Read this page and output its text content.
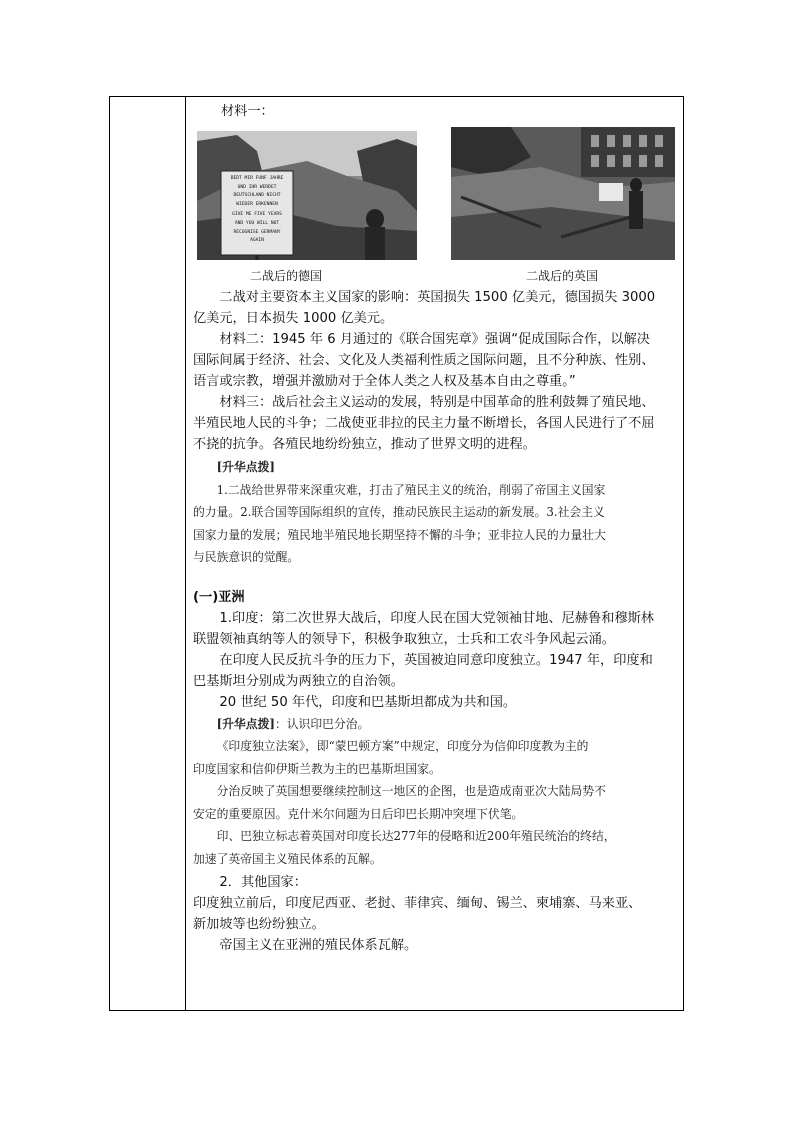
材料一：
BEDT MIR FUNF JAHRE
UND IHR WERDET
DEUTSCHLAND NICHT
WIEDER ERKENNEN
GIVE ME FIVE YEARS
AND YOU WILL NOT
RECOGNISE GERMANY
AGAIN
二战后的德国	二战后的英国

二战对主要资本主义国家的影响：英国损失 1500 亿美元，德国损失 3000

亿美元，日本损失 1000 亿美元。

材料二：1945 年 6 月通过的《联合国宪章》强调“促成国际合作，以解决

国际间属于经济、社会、文化及人类福利性质之国际问题，且不分种族、性别、

语言或宗教，增强并激励对于全体人类之人权及基本自由之尊重。”

材料三：战后社会主义运动的发展，特别是中国革命的胜利鼓舞了殖民地、

半殖民地人民的斗争；二战使亚非拉的民主力量不断增长，各国人民进行了不屈

不挠的抗争。各殖民地纷纷独立，推动了世界文明的进程。

[升华点拨]

1.二战给世界带来深重灾难，打击了殖民主义的统治，削弱了帝国主义国家

的力量。2.联合国等国际组织的宣传，推动民族民主运动的新发展。3.社会主义

国家力量的发展；殖民地半殖民地长期坚持不懈的斗争；亚非拉人民的力量壮大

与民族意识的觉醒。

(一)亚洲

1.印度：第二次世界大战后，印度人民在国大党领袖甘地、尼赫鲁和穆斯林

联盟领袖真纳等人的领导下，积极争取独立，士兵和工农斗争风起云涌。

在印度人民反抗斗争的压力下，英国被迫同意印度独立。1947 年，印度和

巴基斯坦分别成为两独立的自治领。

20 世纪 50 年代，印度和巴基斯坦都成为共和国。

[升华点拨]：认识印巴分治。

《印度独立法案》，即“蒙巴顿方案”中规定，印度分为信仰印度教为主的

印度国家和信仰伊斯兰教为主的巴基斯坦国家。

分治反映了英国想要继续控制这一地区的企图，也是造成南亚次大陆局势不

安定的重要原因。克什米尔问题为日后印巴长期冲突埋下伏笔。

印、巴独立标志着英国对印度长达277年的侵略和近200年殖民统治的终结，

加速了英帝国主义殖民体系的瓦解。

2．其他国家：

印度独立前后，印度尼西亚、老挝、菲律宾、缅甸、锡兰、柬埔寨、马来亚、

新加坡等也纷纷独立。

帝国主义在亚洲的殖民体系瓦解。
